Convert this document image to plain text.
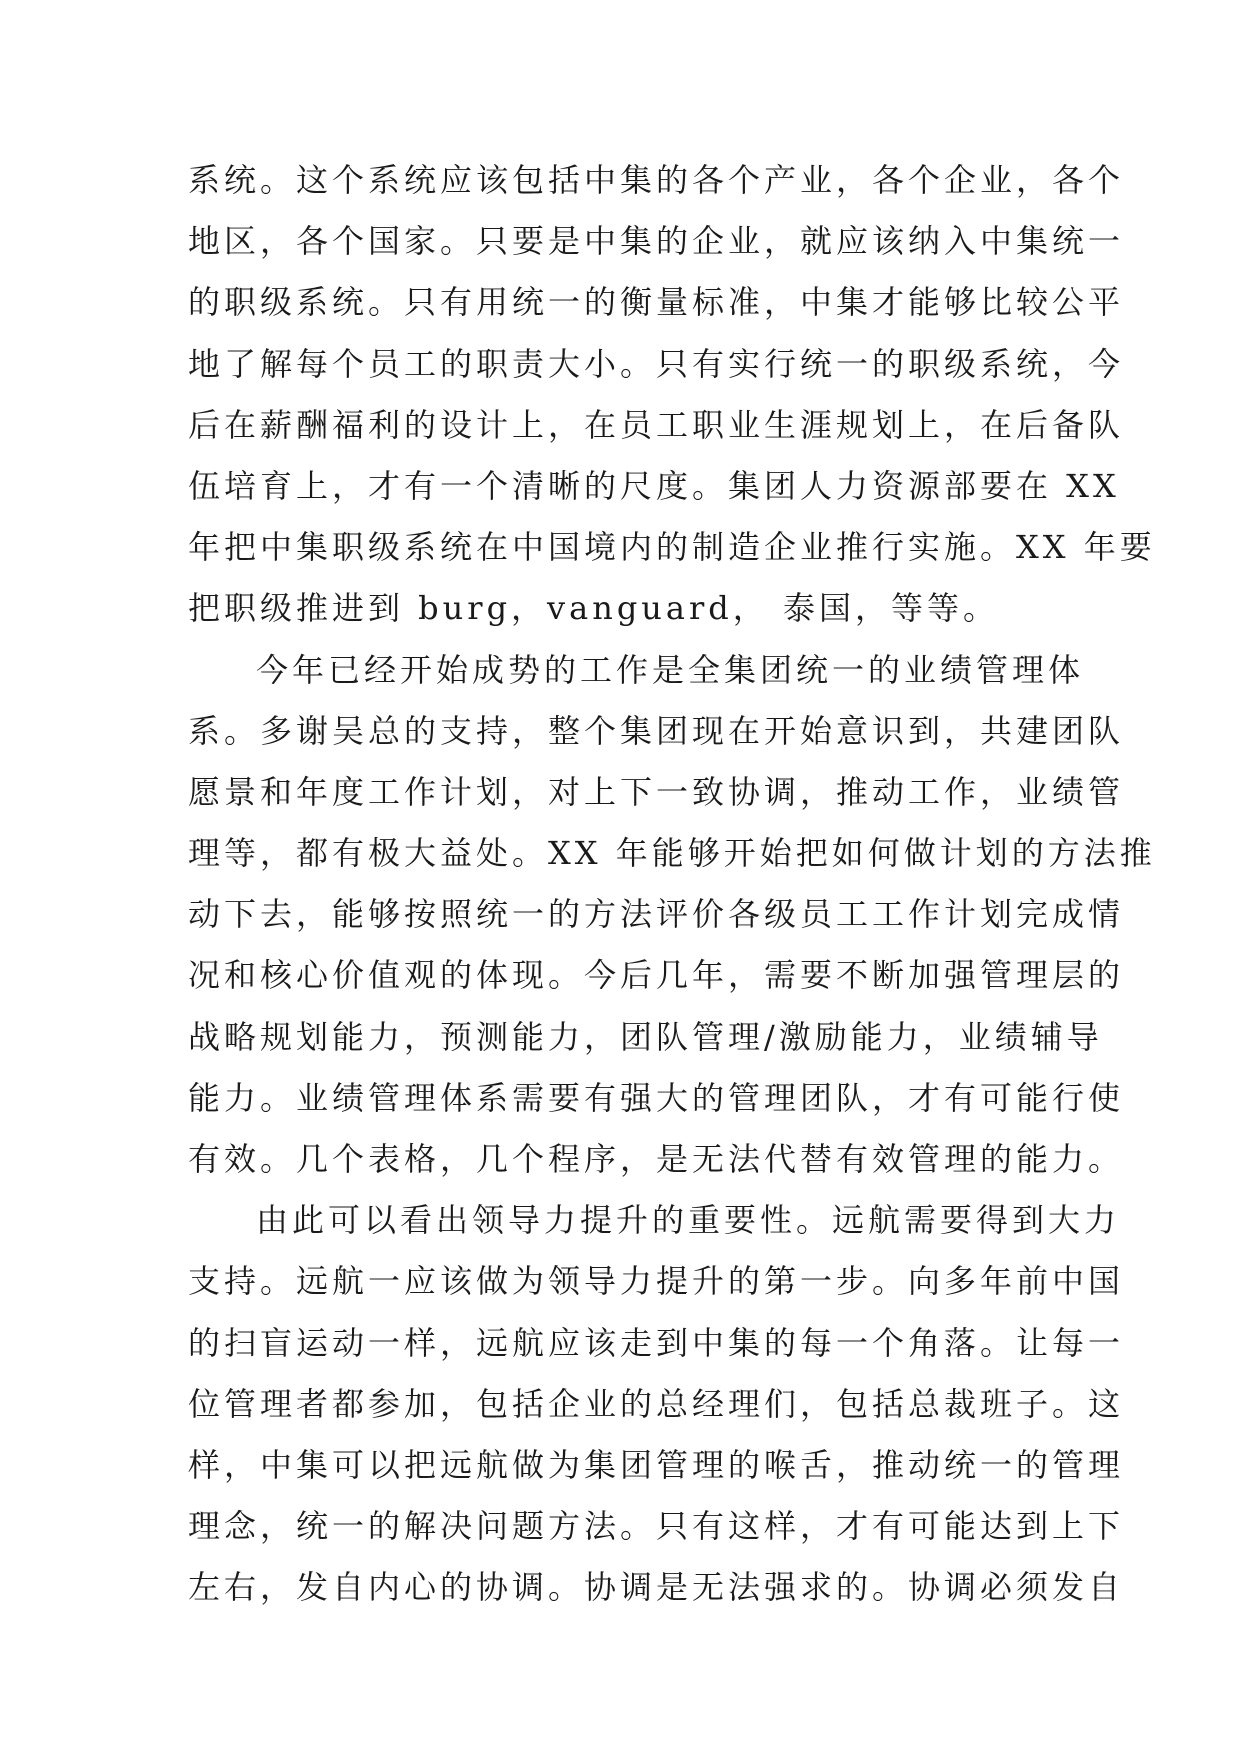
系统。这个系统应该包括中集的各个产业，各个企业，各个
地区，各个国家。只要是中集的企业，就应该纳入中集统一
的职级系统。只有用统一的衡量标准，中集才能够比较公平
地了解每个员工的职责大小。只有实行统一的职级系统，今
后在薪酬福利的设计上，在员工职业生涯规划上，在后备队
伍培育上，才有一个清晰的尺度。集团人力资源部要在 XX
年把中集职级系统在中国境内的制造企业推行实施。XX 年要
把职级推进到 burg，vanguard， 泰国，等等。
今年已经开始成势的工作是全集团统一的业绩管理体
系。多谢吴总的支持，整个集团现在开始意识到，共建团队
愿景和年度工作计划，对上下一致协调，推动工作，业绩管
理等，都有极大益处。XX 年能够开始把如何做计划的方法推
动下去，能够按照统一的方法评价各级员工工作计划完成情
况和核心价值观的体现。今后几年，需要不断加强管理层的
战略规划能力，预测能力，团队管理/激励能力，业绩辅导
能力。业绩管理体系需要有强大的管理团队，才有可能行使
有效。几个表格，几个程序，是无法代替有效管理的能力。
由此可以看出领导力提升的重要性。远航需要得到大力
支持。远航一应该做为领导力提升的第一步。向多年前中国
的扫盲运动一样，远航应该走到中集的每一个角落。让每一
位管理者都参加，包括企业的总经理们，包括总裁班子。这
样，中集可以把远航做为集团管理的喉舌，推动统一的管理
理念，统一的解决问题方法。只有这样，才有可能达到上下
左右，发自内心的协调。协调是无法强求的。协调必须发自
